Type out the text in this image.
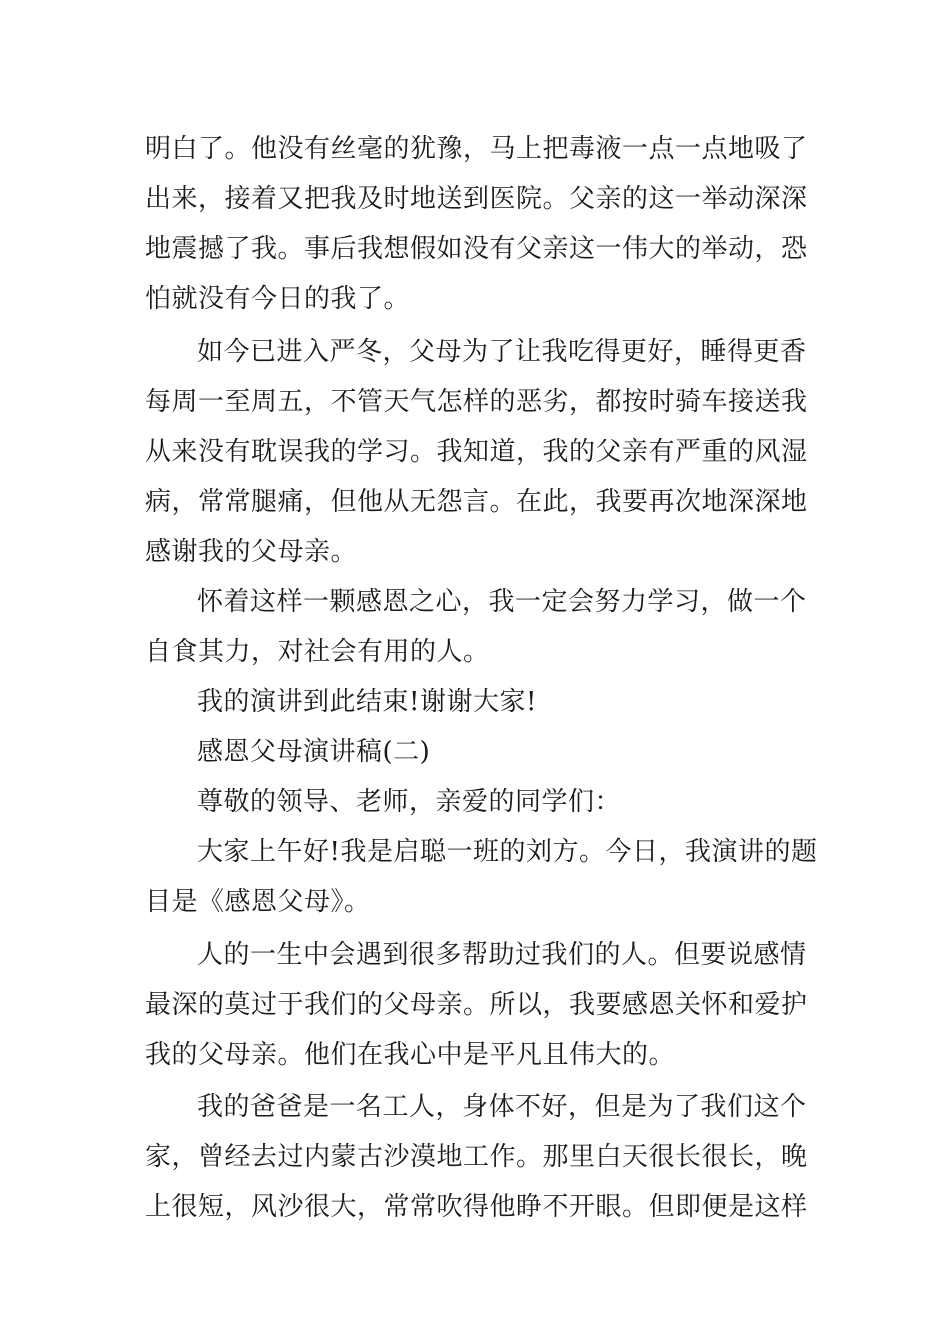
明白了。他没有丝毫的犹豫，马上把毒液一点一点地吸了
出来，接着又把我及时地送到医院。父亲的这一举动深深
地震撼了我。事后我想假如没有父亲这一伟大的举动，恐
怕就没有今日的我了。
如今已进入严冬，父母为了让我吃得更好，睡得更香
每周一至周五，不管天气怎样的恶劣，都按时骑车接送我
从来没有耽误我的学习。我知道，我的父亲有严重的风湿
病，常常腿痛，但他从无怨言。在此，我要再次地深深地
感谢我的父母亲。
怀着这样一颗感恩之心，我一定会努力学习，做一个
自食其力，对社会有用的人。
我的演讲到此结束!谢谢大家!
感恩父母演讲稿(二)
尊敬的领导、老师，亲爱的同学们：
大家上午好!我是启聪一班的刘方。今日，我演讲的题
目是《感恩父母》。
人的一生中会遇到很多帮助过我们的人。但要说感情
最深的莫过于我们的父母亲。所以，我要感恩关怀和爱护
我的父母亲。他们在我心中是平凡且伟大的。
我的爸爸是一名工人，身体不好，但是为了我们这个
家，曾经去过内蒙古沙漠地工作。那里白天很长很长，晚
上很短，风沙很大，常常吹得他睁不开眼。但即便是这样
